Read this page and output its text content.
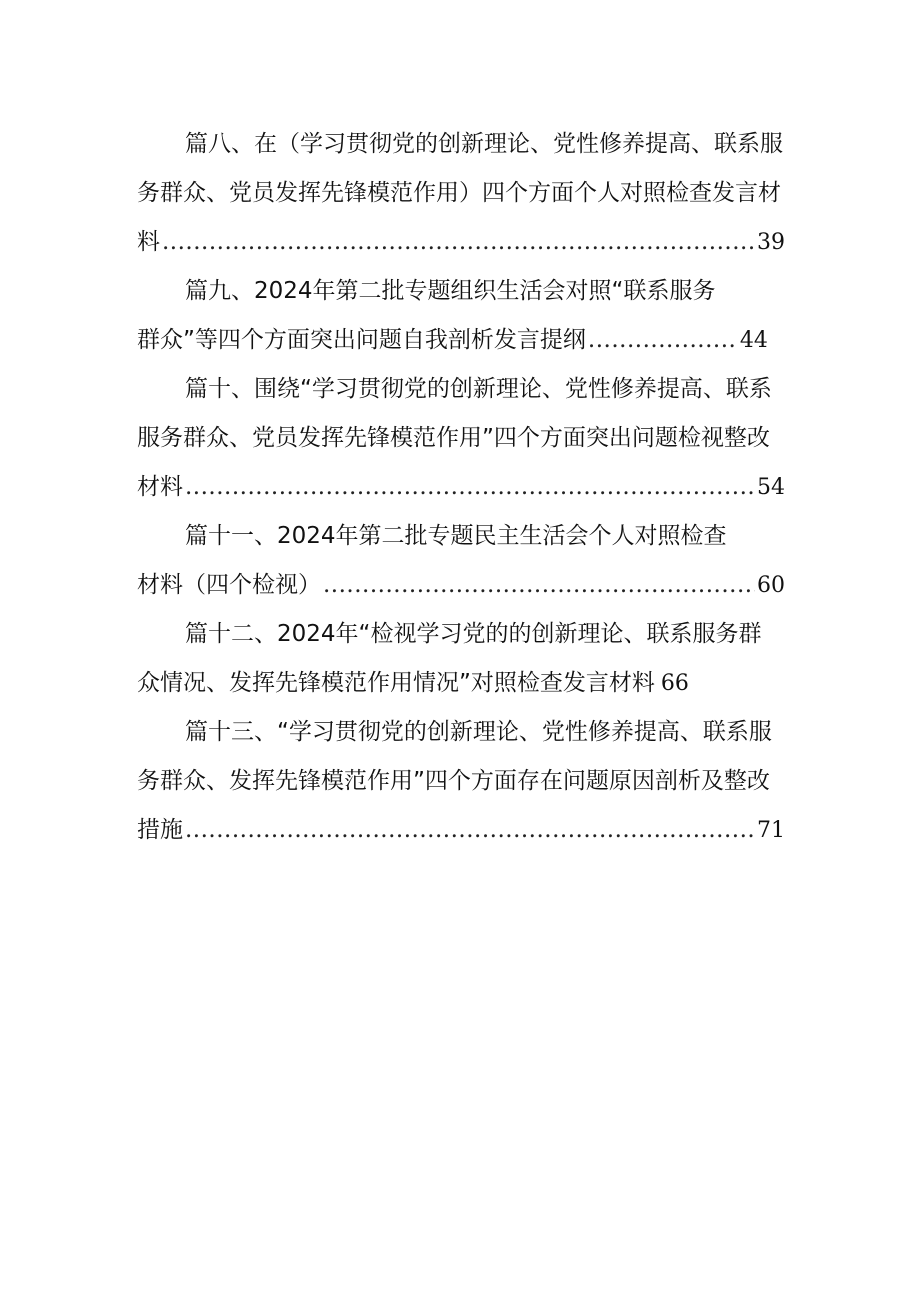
篇八、在（学习贯彻党的创新理论、党性修养提高、联系服
务群众、党员发挥先锋模范作用）四个方面个人对照检查发言材
料 .....	39
篇九、2024年第二批专题组织生活会对照“联系服务
群众”等四个方面突出问题自我剖析发言提纲 .....	44
篇十、围绕“学习贯彻党的创新理论、党性修养提高、联系
服务群众、党员发挥先锋模范作用”四个方面突出问题检视整改
材料 .....	54
篇十一、2024年第二批专题民主生活会个人对照检查
材料（四个检视） .....	60
篇十二、2024年“检视学习党的的创新理论、联系服务群
众情况、发挥先锋模范作用情况”对照检查发言材料 66
篇十三、“学习贯彻党的创新理论、党性修养提高、联系服
务群众、发挥先锋模范作用”四个方面存在问题原因剖析及整改
措施 .....	71
